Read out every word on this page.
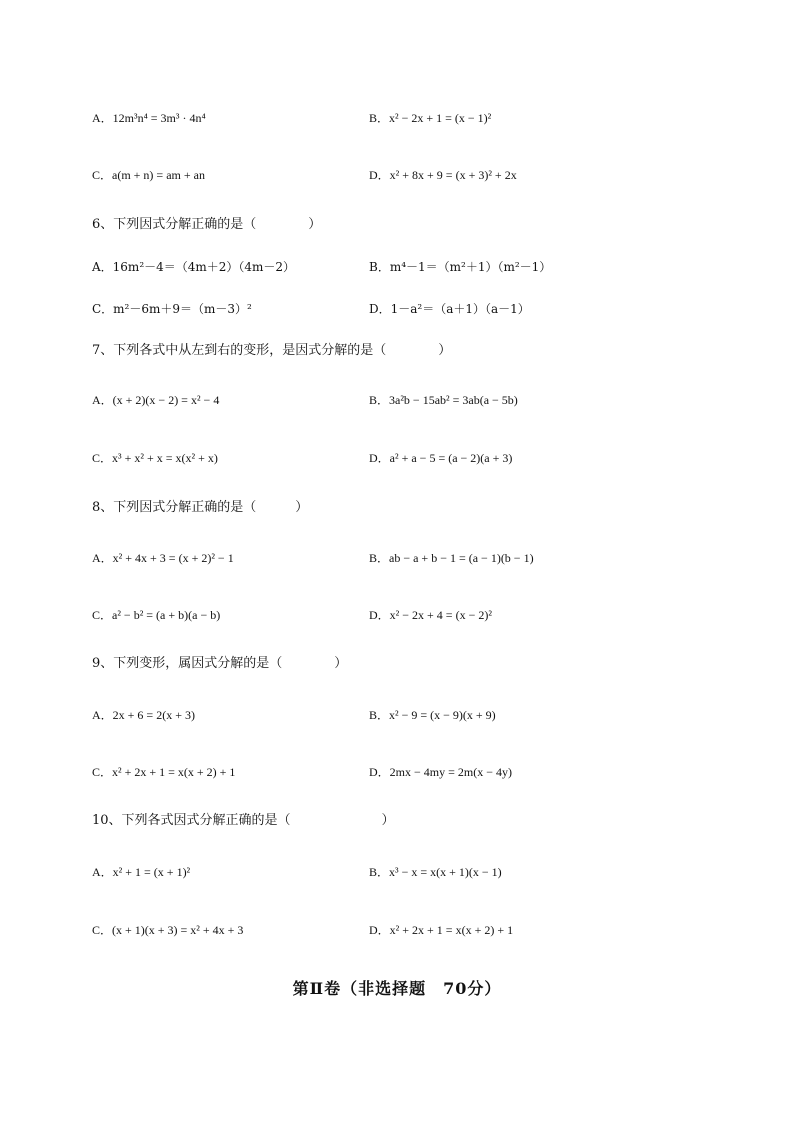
A．12m³n⁴ = 3m³ · 4n⁴	B．x² − 2x + 1 = (x − 1)²
C．a(m + n) = am + an	D．x² + 8x + 9 = (x + 3)² + 2x
6、下列因式分解正确的是（　　　　）
A．16m²－4＝（4m＋2）（4m－2）	B．m⁴－1＝（m²＋1）（m²－1）
C．m²－6m＋9＝（m－3）²	D．1－a²＝（a＋1）（a－1）
7、下列各式中从左到右的变形，是因式分解的是（　　　　）
A．(x + 2)(x − 2) = x² − 4	B．3a²b − 15ab² = 3ab(a − 5b)
C．x³ + x² + x = x(x² + x)	D．a² + a − 5 = (a − 2)(a + 3)
8、下列因式分解正确的是（　　　）
A．x² + 4x + 3 = (x + 2)² − 1	B．ab − a + b − 1 = (a − 1)(b − 1)
C．a² − b² = (a + b)(a − b)	D．x² − 2x + 4 = (x − 2)²
9、下列变形，属因式分解的是（　　　　）
A．2x + 6 = 2(x + 3)	B．x² − 9 = (x − 9)(x + 9)
C．x² + 2x + 1 = x(x + 2) + 1	D．2mx − 4my = 2m(x − 4y)
10、下列各式因式分解正确的是（　　　　　　　）
A．x² + 1 = (x + 1)²	B．x³ − x = x(x + 1)(x − 1)
C．(x + 1)(x + 3) = x² + 4x + 3	D．x² + 2x + 1 = x(x + 2) + 1
第Ⅱ卷（非选择题　70分）
